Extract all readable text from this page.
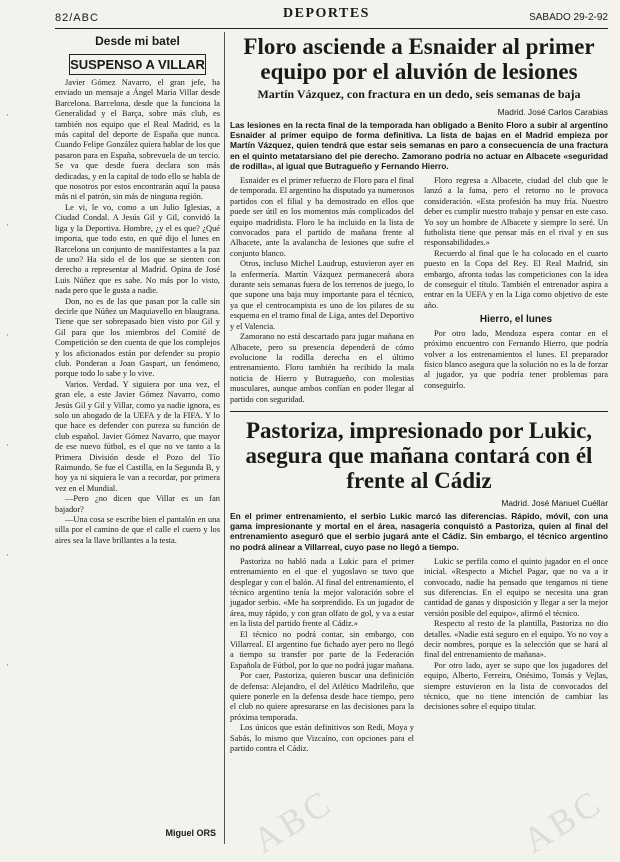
82/ABC	DEPORTES	SABADO 29-2-92
·
·
·
·
·
·
Desde mi batel
SUSPENSO A VILLAR

Javier Gómez Navarro, el gran jefe, ha enviado un mensaje a Ángel María Villar desde Barcelona. Barcelona, desde que la funciona la Generalidad y el Barça, sobre más club, es también nos equipo que el Real Madrid, es la más capital del deporte de España que nunca. Cuando Felipe González quiera hablar de los que pasaron para en España, sobrevuela de un tercio. Se va que desde fuera declara son más dedicadas, y en la capital de todo ello se habla de que nosotros por estos encontrarán aquí la pausa más ni el patrón, sin más de ninguna región.

Le vi, le vo, como a un Julio Iglesias, a Ciudad Condal. A Jesús Gil y Gil, convidó la liga y la Deportiva. Hombre, ¿y el es que? ¿Qué importa, que todo esto, en qué dijo el lunes en Barcelona un conjunto de manifestantes a la paz de uno? Ha sido el de los que se sienten con derecho a representar al Madrid. Opina de José Luis Núñez que es sabe. No más por lo visto, nada pero que le gusta a nadie.

Don, no es de las que pasan por la calle sin decirle que Núñez un Maquiavello en blaugrana. Tiene que ser sobrepasado bien visto por Gil y Gil para que los miembros del Comité de Competición se den cuenta de que los complejos y los aficionados están por defender su propio club. Ponderan a Joan Gaspart, un fenómeno, porque todo lo sabe y lo vive.

Varios. Verdad. Y siguiera por una vez, el gran ele, a este Javier Gómez Navarro, como Jesús Gil y Gil y Villar, como ya nadie ignora, es solo un abogado de la UEFA y de la FIFA. Y lo que hace es defender con pureza su función de club español. Javier Gómez Navarro, que mayor de ese nuevo fútbol, es el que no ve tanto a la Primera División desde el Pozo del Tío Raimundo. Se fue el Castilla, en la Segunda B, y hoy ya ni siquiera le van a recordar, por primera vez en el Mundial.

—Pero ¿no dicen que Villar es un fan bajador?

—Una cosa se escribe bien el pantalón en una silla por el camino de que el calle el cuero y los aires sea la llave brillantes a la testa.

Miguel ORS
Floro asciende a Esnaider al primer equipo por el aluvión de lesiones
Martín Vázquez, con fractura en un dedo, seis semanas de baja
Madrid. José Carlos Carabias
Las lesiones en la recta final de la temporada han obligado a Benito Floro a subir al argentino Esnaider al primer equipo de forma definitiva. La lista de bajas en el Madrid empieza por Martín Vázquez, quien tendrá que estar seis semanas en paro a consecuencia de una fractura en el quinto metatarsiano del pie derecho. Zamorano podría no actuar en Albacete «seguridad de rodilla», al igual que Butragueño y Fernando Hierro.

Esnaider es el primer refuerzo de Floro para el final de temporada. El argentino ha disputado ya numerosos partidos con el filial y ha demostrado en ellos que puede ser útil en los momentos más complicados del equipo madridista. Floro le ha incluido en la lista de convocados para el partido de mañana frente al Albacete, ante la avalancha de lesiones que sufre el conjunto blanco.

Otros, incluso Michel Laudrup, estuvieron ayer en la enfermería. Martín Vázquez permanecerá ahora durante seis semanas fuera de los terrenos de juego, lo que supone una baja muy importante para el técnico, ya que el centrocampista es uno de los pilares de su esquema en el tramo final de Liga, antes del Deportivo y el Valencia.

Zamorano no está descartado para jugar mañana en Albacete, pero su presencia dependerá de cómo evolucione la rodilla derecha en el último entrenamiento. Floro también ha recibido la mala noticia de Hierro y Butragueño, con molestias musculares, aunque ambos confían en poder llegar al partido con seguridad.

Floro regresa a Albacete, ciudad del club que le lanzó a la fama, pero el retorno no le provoca consideración. «Esta profesión ha muy fría. Nuestro deber es cumplir nuestro trabajo y pensar en este caso. Yo soy un hombre de Albacete y siempre lo seré. Un futbolista tiene que pensar más en el rival y en sus responsabilidades.»

Recuerdo al final que le ha colocado en el cuarto puesto en la Copa del Rey. El Real Madrid, sin embargo, afronta todas las competiciones con la idea de conseguir el título. También el entrenador aspira a entrar en la UEFA y en la Liga como objetivo de este año.

Hierro, el lunes

Por otro lado, Mendoza espera contar en el próximo encuentro con Fernando Hierro, que podría volver a los entrenamientos el lunes. El preparador físico blanco asegura que la solución no es la de forzar al jugador, ya que podría tener problemas para conseguirlo.

Pastoriza, impresionado por Lukic, asegura que mañana contará con él frente al Cádiz
Madrid. José Manuel Cuéllar
En el primer entrenamiento, el serbio Lukic marcó las diferencias. Rápido, móvil, con una gama impresionante y mortal en el área, nasageria conquistó a Pastoriza, quien al final del entrenamiento aseguró que el serbio jugará ante el Cádiz. Sin embargo, el técnico argentino no podrá alinear a Villarreal, cuyo pase no llegó a tiempo.

Pastoriza no habló nada a Lukic para el primer entrenamiento en el que el yugoslavo se tuvo que desplegar y con el balón. Al final del entrenamiento, el técnico argentino tenía la mejor valoración sobre el jugador serbio. «Me ha sorprendido. Es un jugador de área, muy rápido, y con gran olfato de gol, y va a estar en la lista del partido frente al Cádiz.»

El técnico no podrá contar, sin embargo, con Villarreal. El argentino fue fichado ayer pero no llegó a tiempo su transfer por parte de la Federación Española de Fútbol, por lo que no podrá jugar mañana.

Por caer, Pastoriza, quieren buscar una definición de defensa: Alejandro, el del Atlético Madrileño, que quiere ponerle en la defensa desde hace tiempo, pero el club no quiere apresurarse en las decisiones para la próxima temporada.

Los únicos que están definitivos son Redi, Moya y Sabás, lo mismo que Vizcaíno, con opciones para el partido contra el Cádiz.

Lukic se perfila como el quinto jugador en el once inicial. «Respecto a Michel Pagar, que no va a ir convocado, nadie ha pensado que tengamos ni tiene sus diferencias. En el equipo se necesita una gran cantidad de ganas y disposición y llegar a ser la mejor versión posible del equipo», afirmó el técnico.

Respecto al resto de la plantilla, Pastoriza no dio detalles. «Nadie está seguro en el equipo. Yo no voy a decir nombres, porque es la selección que se hará al final del entrenamiento de mañana».

Por otro lado, ayer se supo que los jugadores del equipo, Alberto, Ferreira, Onésimo, Tomás y Vejlas, siempre estuvieron en la lista de convocados del técnico, que no tiene intención de cambiar las decisiones sobre el equipo titular.

ABC	ABC
